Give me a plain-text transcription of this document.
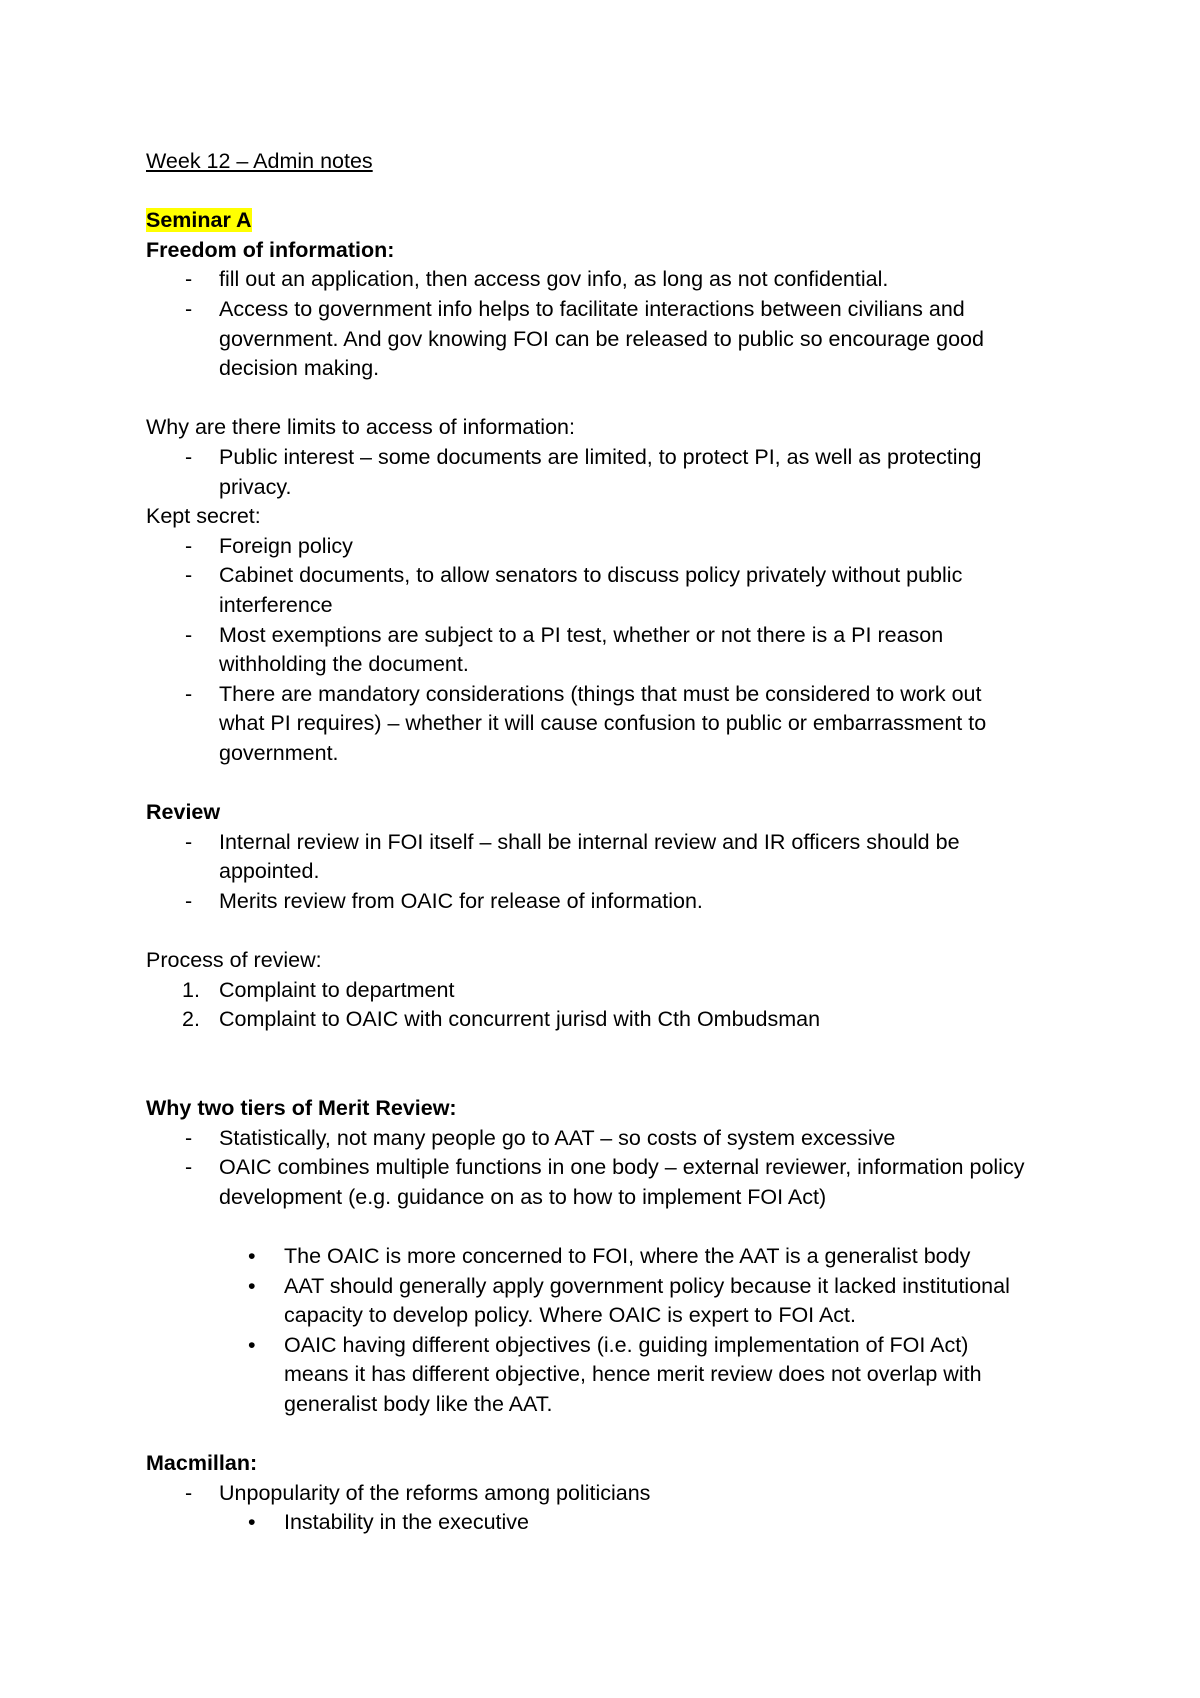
Week 12 – Admin notes

Seminar A

Freedom of information:

- fill out an application, then access gov info, as long as not confidential.
- Access to government info helps to facilitate interactions between civilians and
government. And gov knowing FOI can be released to public so encourage good
decision making.

Why are there limits to access of information:

- Public interest – some documents are limited, to protect PI, as well as protecting
privacy.

Kept secret:

- Foreign policy
- Cabinet documents, to allow senators to discuss policy privately without public
interference
- Most exemptions are subject to a PI test, whether or not there is a PI reason
withholding the document.
- There are mandatory considerations (things that must be considered to work out
what PI requires) – whether it will cause confusion to public or embarrassment to
government.

Review

- Internal review in FOI itself – shall be internal review and IR officers should be
appointed.
- Merits review from OAIC for release of information.

Process of review:

1. Complaint to department
2. Complaint to OAIC with concurrent jurisd with Cth Ombudsman

Why two tiers of Merit Review:

- Statistically, not many people go to AAT – so costs of system excessive
- OAIC combines multiple functions in one body – external reviewer, information policy
development (e.g. guidance on as to how to implement FOI Act)
• The OAIC is more concerned to FOI, where the AAT is a generalist body
• AAT should generally apply government policy because it lacked institutional
capacity to develop policy. Where OAIC is expert to FOI Act.
• OAIC having different objectives (i.e. guiding implementation of FOI Act)
means it has different objective, hence merit review does not overlap with
generalist body like the AAT.

Macmillan:

- Unpopularity of the reforms among politicians
• Instability in the executive
